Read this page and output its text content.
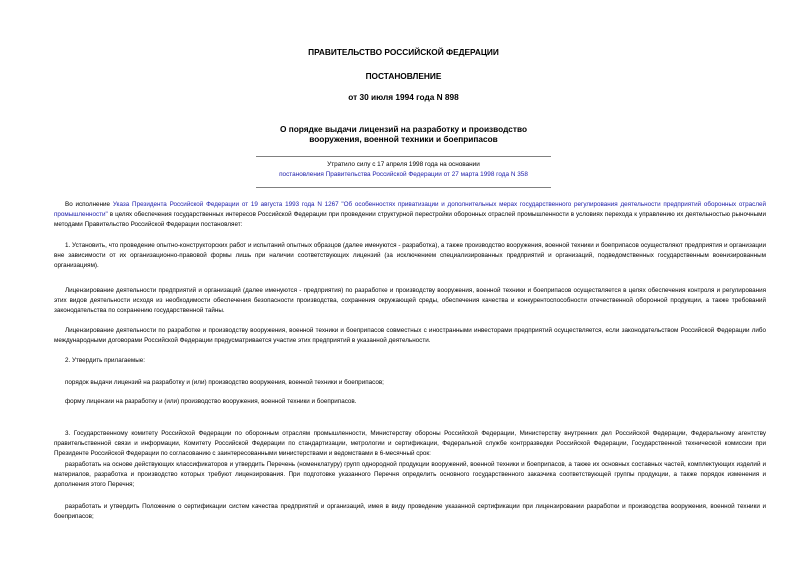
ПРАВИТЕЛЬСТВО РОССИЙСКОЙ ФЕДЕРАЦИИ
ПОСТАНОВЛЕНИЕ
от 30 июля 1994 года N 898
О порядке выдачи лицензий на разработку и производство
вооружения, военной техники и боеприпасов
Утратило силу с 17 апреля 1998 года на основании
постановления Правительства Российской Федерации от 27 марта 1998 года N 358
Во исполнение Указа Президента Российской Федерации от 19 августа 1993 года N 1267 "Об особенностях приватизации и дополнительных мерах государственного регулирования деятельности предприятий оборонных отраслей промышленности" в целях обеспечения государственных интересов Российской Федерации при проведении структурной перестройки оборонных отраслей промышленности в условиях перехода к управлению их деятельностью рыночными методами Правительство Российской Федерации постановляет:
1. Установить, что проведение опытно-конструкторских работ и испытаний опытных образцов (далее именуются - разработка), а также производство вооружения, военной техники и боеприпасов осуществляют предприятия и организации вне зависимости от их организационно-правовой формы лишь при наличии соответствующих лицензий (за исключением специализированных предприятий и организаций, подведомственных государственным военизированным организациям).
Лицензирование деятельности предприятий и организаций (далее именуются - предприятия) по разработке и производству вооружения, военной техники и боеприпасов осуществляется в целях обеспечения контроля и регулирования этих видов деятельности исходя из необходимости обеспечения безопасности производства, сохранения окружающей среды, обеспечения качества и конкурентоспособности отечественной оборонной продукции, а также требований законодательства по сохранению государственной тайны.
Лицензирование деятельности по разработке и производству вооружения, военной техники и боеприпасов совместных с иностранными инвесторами предприятий осуществляется, если законодательством Российской Федерации либо международными договорами Российской Федерации предусматривается участие этих предприятий в указанной деятельности.
2. Утвердить прилагаемые:
порядок выдачи лицензий на разработку и (или) производство вооружения, военной техники и боеприпасов;
форму лицензии на разработку и (или) производство вооружения, военной техники и боеприпасов.
3. Государственному комитету Российской Федерации по оборонным отраслям промышленности, Министерству обороны Российской Федерации, Министерству внутренних дел Российской Федерации, Федеральному агентству правительственной связи и информации, Комитету Российской Федерации по стандартизации, метрологии и сертификации, Федеральной службе контрразведки Российской Федерации, Государственной технической комиссии при Президенте Российской Федерации по согласованию с заинтересованными министерствами и ведомствами в 6-месячный срок:
разработать на основе действующих классификаторов и утвердить Перечень (номенклатуру) групп однородной продукции вооружений, военной техники и боеприпасов, а также их основных составных частей, комплектующих изделий и материалов, разработка и производство которых требуют лицензирования. При подготовке указанного Перечня определить основного государственного заказчика соответствующей группы продукции, а также порядок изменения и дополнения этого Перечня;
разработать и утвердить Положение о сертификации систем качества предприятий и организаций, имея в виду проведение указанной сертификации при лицензировании разработки и производства вооружения, военной техники и боеприпасов;
